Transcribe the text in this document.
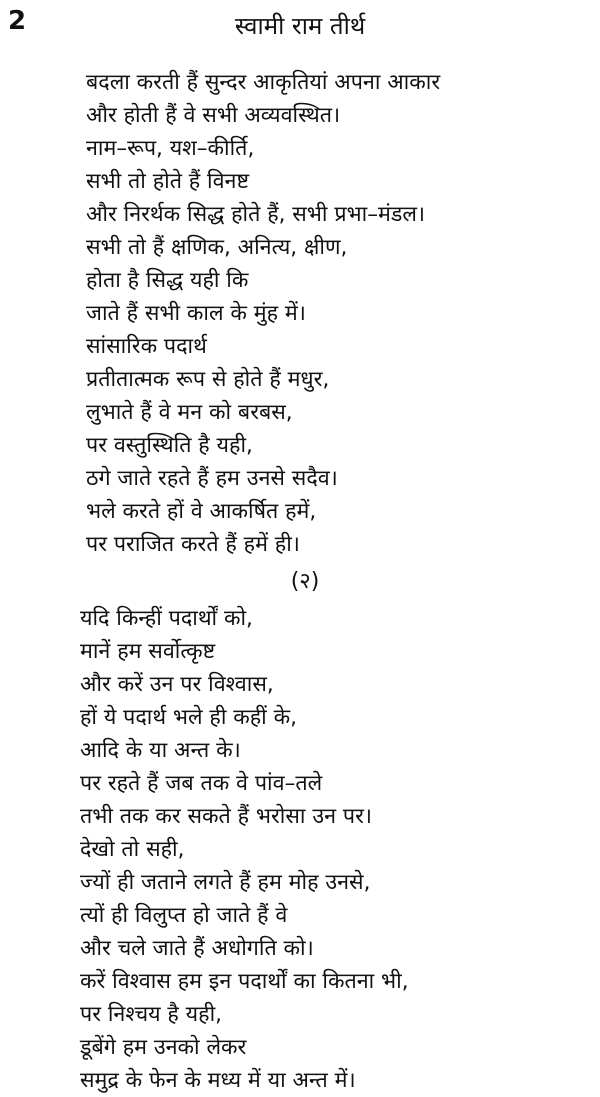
2	स्वामी राम तीर्थ
बदला करती हैं सुन्दर आकृतियां अपना आकार
और होती हैं वे सभी अव्यवस्थित।
नाम–रूप, यश–कीर्ति,
सभी तो होते हैं विनष्ट
और निरर्थक सिद्ध होते हैं, सभी प्रभा–मंडल।
सभी तो हैं क्षणिक, अनित्य, क्षीण,
होता है सिद्ध यही कि
जाते हैं सभी काल के मुंह में।
सांसारिक पदार्थ
प्रतीतात्मक रूप से होते हैं मधुर,
लुभाते हैं वे मन को बरबस,
पर वस्तुस्थिति है यही,
ठगे जाते रहते हैं हम उनसे सदैव।
भले करते हों वे आकर्षित हमें,
पर पराजित करते हैं हमें ही।
(२)
यदि किन्हीं पदार्थों को,
मानें हम सर्वोत्कृष्ट
और करें उन पर विश्वास,
हों ये पदार्थ भले ही कहीं के,
आदि के या अन्त के।
पर रहते हैं जब तक वे पांव–तले
तभी तक कर सकते हैं भरोसा उन पर।
देखो तो सही,
ज्यों ही जताने लगते हैं हम मोह उनसे,
त्यों ही विलुप्त हो जाते हैं वे
और चले जाते हैं अधोगति को।
करें विश्वास हम इन पदार्थों का कितना भी,
पर निश्चय है यही,
डूबेंगे हम उनको लेकर
समुद्र के फेन के मध्य में या अन्त में।
